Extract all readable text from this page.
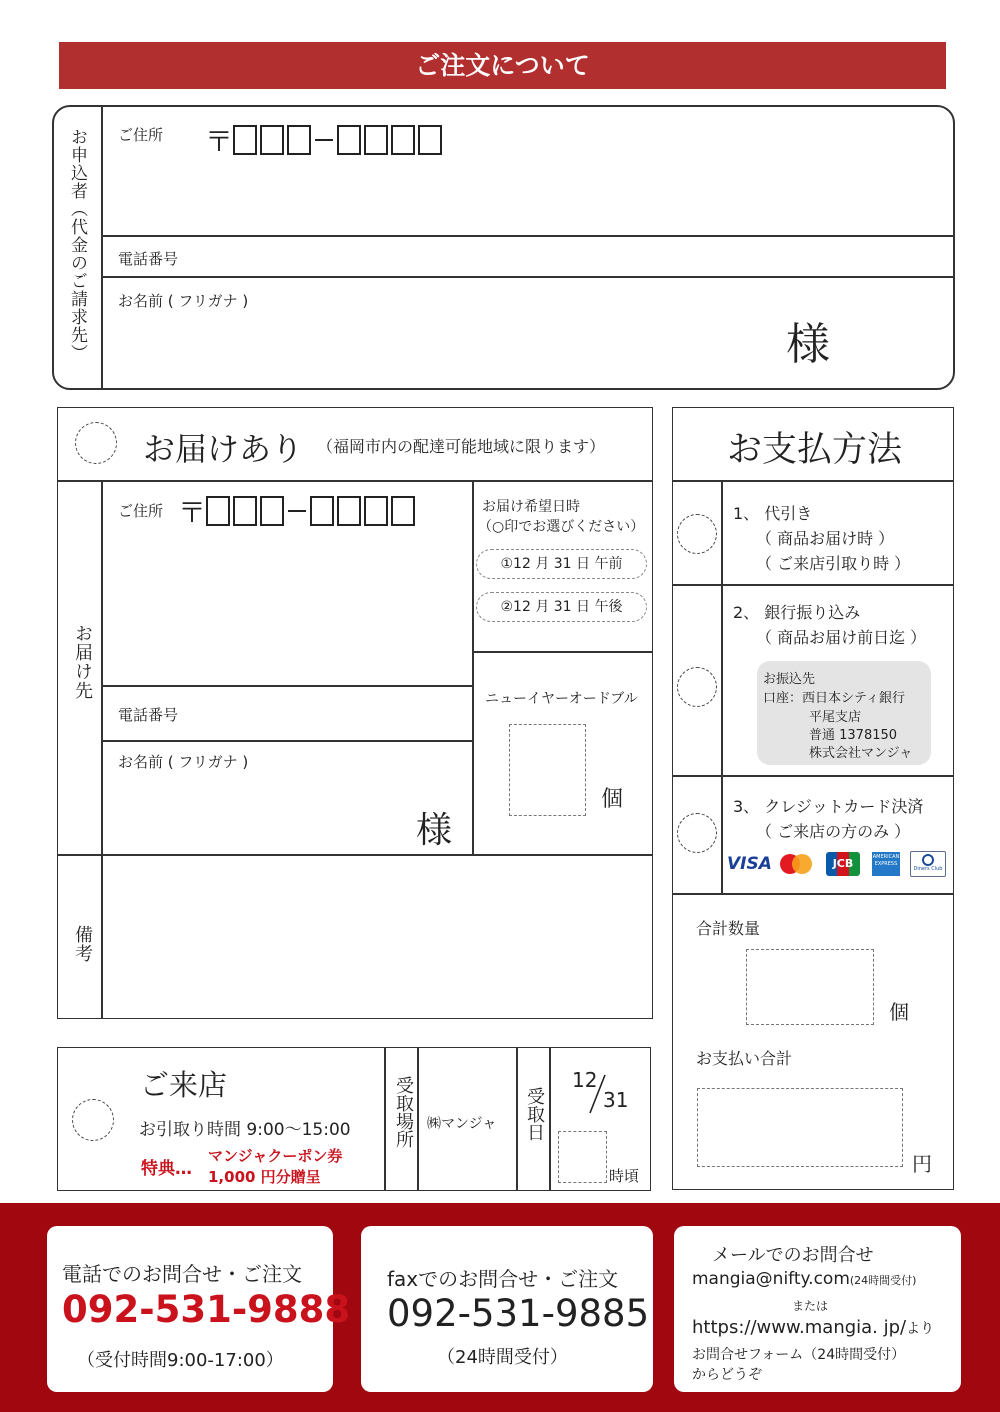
ご注文について
お申込者（代金のご請求先） ご住所 〒
電話番号
お名前 ( フリガナ )
様
お届けあり （福岡市内の配達可能地域に限ります）
お届け先
ご住所 〒
電話番号
お名前 ( フリガナ )
様
お届け希望日時
（○印でお選びください）
①12 月 31 日 午前
②12 月 31 日 午後
ニューイヤーオードブル
個
備考
ご来店
お引取り時間 9:00～15:00
特典…
マンジャクーポン券
1,000 円分贈呈
受取場所 ㈱マンジャ 受取日
12
31
時頃
お支払方法
1、 代引き
（ 商品お届け時 ）
（ ご来店引取り時 ）
2、 銀行振り込み
（ 商品お届け前日迄 ）
お振込先
口座：西日本シティ銀行
平尾支店
普通 1378150
株式会社マンジャ
3、 クレジットカード決済
（ ご来店の方のみ ）
VISA	JCB	AMERICAN EXPRESS
Diners Club
合計数量
個
お支払い合計
円
電話でのお問合せ・ご注文
092-531-9888
（受付時間9:00-17:00）
faxでのお問合せ・ご注文
092-531-9885
（24時間受付）
メールでのお問合せ
mangia@nifty.com(24時間受付)
または
https://www.mangia. jp/より
お問合せフォーム（24時間受付）
からどうぞ
